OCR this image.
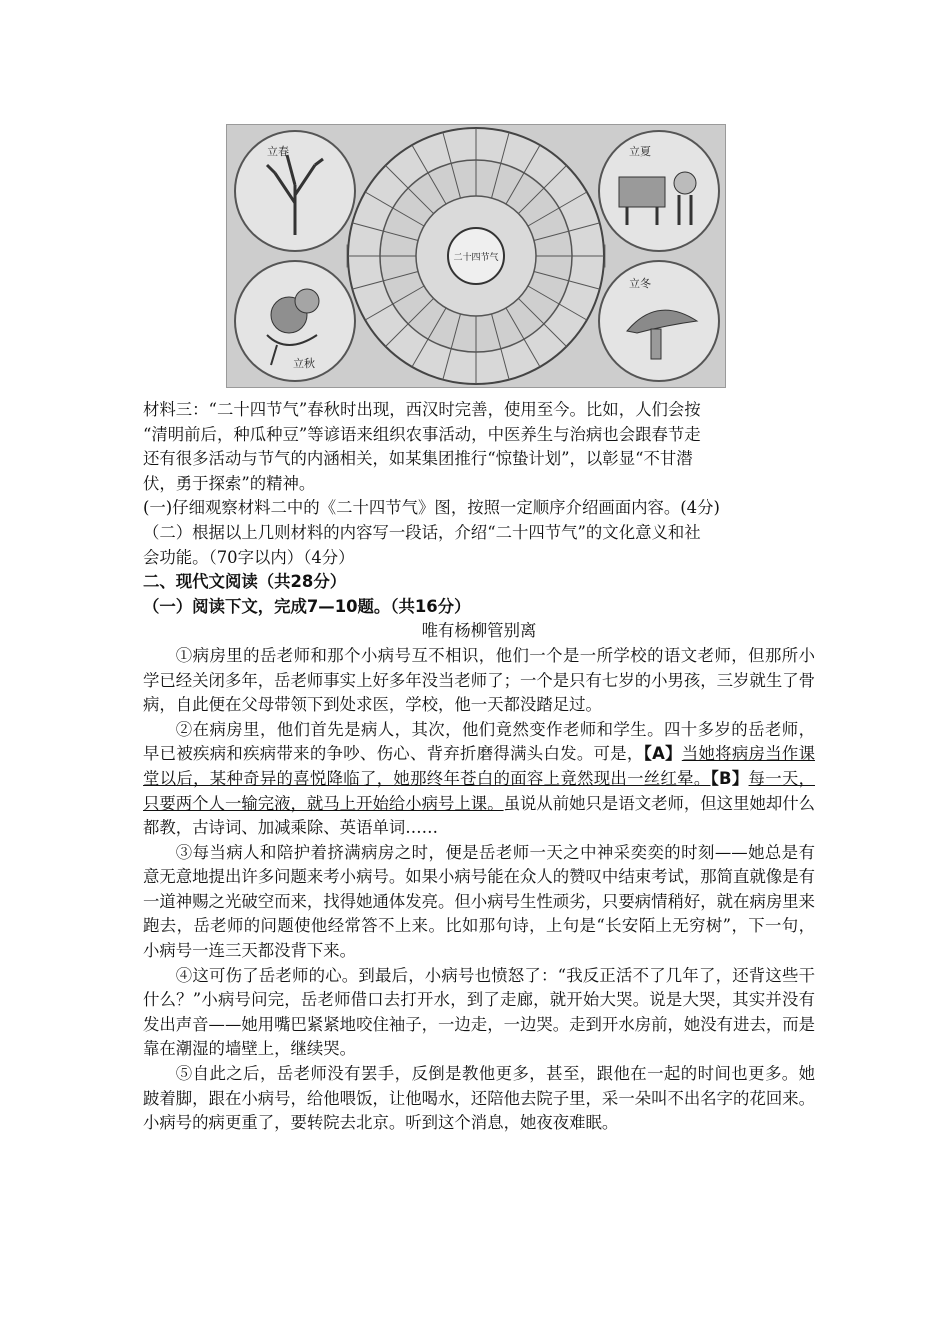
立春	立夏
立秋
立冬
二十四节气

材料三：“二十四节气”春秋时出现，西汉时完善，使用至今。比如，人们会按

“清明前后，种瓜种豆”等谚语来组织农事活动，中医养生与治病也会跟春节走

还有很多活动与节气的内涵相关，如某集团推行“惊蛰计划”，以彰显“不甘潜

伏，勇于探索”的精神。

(一)仔细观察材料二中的《二十四节气》图，按照一定顺序介绍画面内容。(4分)

（二）根据以上几则材料的内容写一段话，介绍“二十四节气”的文化意义和社

会功能。（70字以内）（4分）

二、现代文阅读（共28分）

（一）阅读下文，完成7—10题。（共16分）

唯有杨柳管别离

①病房里的岳老师和那个小病号互不相识，他们一个是一所学校的语文老师，但那所小学已经关闭多年，岳老师事实上好多年没当老师了；一个是只有七岁的小男孩，三岁就生了骨病，自此便在父母带领下到处求医，学校，他一天都没踏足过。

②在病房里，他们首先是病人，其次，他们竟然变作老师和学生。四十多岁的岳老师，早已被疾病和疾病带来的争吵、伤心、背弃折磨得满头白发。可是，【A】当她将病房当作课堂以后，某种奇异的喜悦降临了，她那终年苍白的面容上竟然现出一丝红晕。【B】每一天，只要两个人一输完液，就马上开始给小病号上课。虽说从前她只是语文老师，但这里她却什么都教，古诗词、加减乘除、英语单词……

③每当病人和陪护着挤满病房之时，便是岳老师一天之中神采奕奕的时刻——她总是有意无意地提出许多问题来考小病号。如果小病号能在众人的赞叹中结束考试，那简直就像是有一道神赐之光破空而来，找得她通体发亮。但小病号生性顽劣，只要病情稍好，就在病房里来跑去，岳老师的问题使他经常答不上来。比如那句诗，上句是“长安陌上无穷树”，下一句，小病号一连三天都没背下来。

④这可伤了岳老师的心。到最后，小病号也愤怒了：“我反正活不了几年了，还背这些干什么？”小病号问完，岳老师借口去打开水，到了走廊，就开始大哭。说是大哭，其实并没有发出声音——她用嘴巴紧紧地咬住袖子，一边走，一边哭。走到开水房前，她没有进去，而是靠在潮湿的墙壁上，继续哭。

⑤自此之后，岳老师没有罢手，反倒是教他更多，甚至，跟他在一起的时间也更多。她跛着脚，跟在小病号，给他喂饭，让他喝水，还陪他去院子里，采一朵叫不出名字的花回来。小病号的病更重了，要转院去北京。听到这个消息，她夜夜难眠。
